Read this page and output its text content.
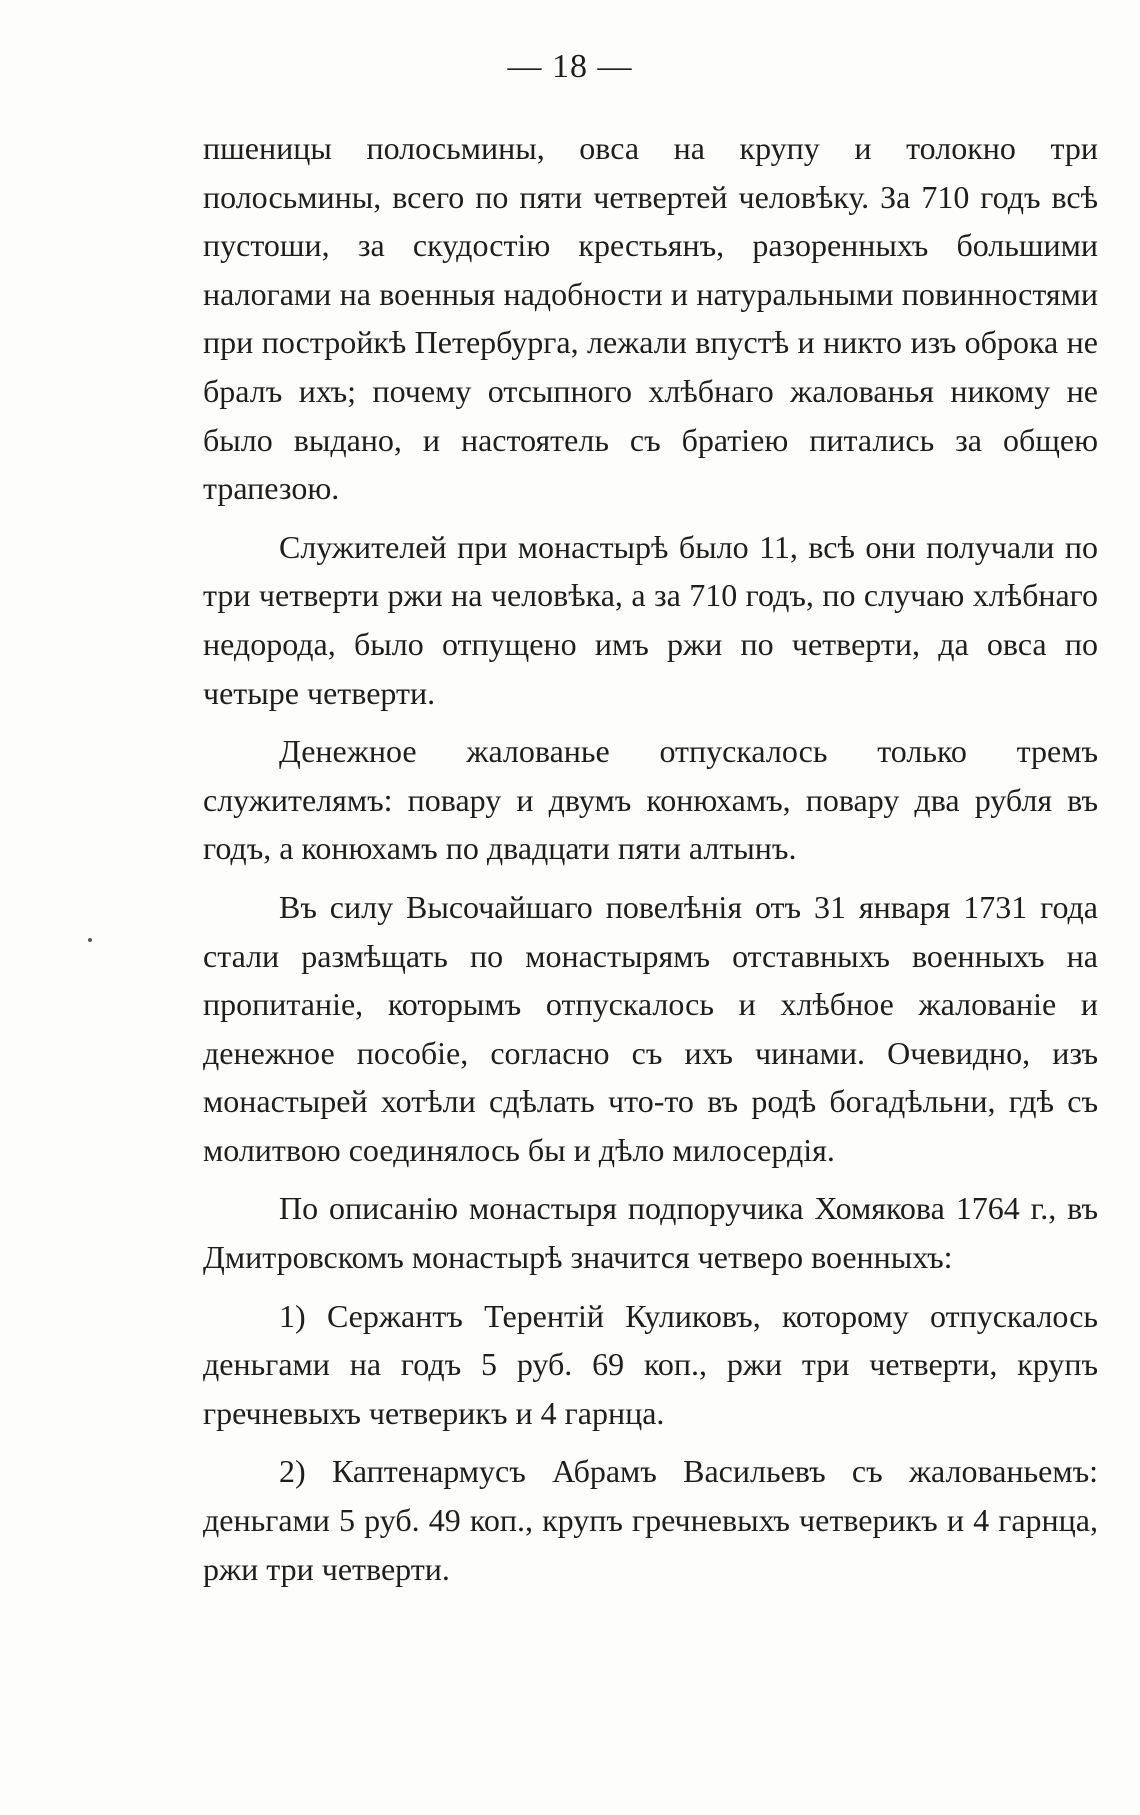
— 18 —

пшеницы полосьмины, овса на крупу и толокно три полосьмины, всего по пяти четвертей человѣку. За 710 годъ всѣ пустоши, за скудостію крестьянъ, разоренныхъ большими налогами на военныя надобности и натуральными повинностями при постройкѣ Петербурга, лежали впустѣ и никто изъ оброка не бралъ ихъ; почему отсыпного хлѣбнаго жалованья никому не было выдано, и настоятель съ братіею питались за общею трапезою.

Служителей при монастырѣ было 11, всѣ они получали по три четверти ржи на человѣка, а за 710 годъ, по случаю хлѣбнаго недорода, было отпущено имъ ржи по четверти, да овса по четыре четверти.

Денежное жалованье отпускалось только тремъ служителямъ: повару и двумъ конюхамъ, повару два рубля въ годъ, а конюхамъ по двадцати пяти алтынъ.

Въ силу Высочайшаго повелѣнія отъ 31 января 1731 года стали размѣщать по монастырямъ отставныхъ военныхъ на пропитаніе, которымъ отпускалось и хлѣбное жалованіе и денежное пособіе, согласно съ ихъ чинами. Очевидно, изъ монастырей хотѣли сдѣлать что-то въ родѣ богадѣльни, гдѣ съ молитвою соединялось бы и дѣло милосердія.

По описанію монастыря подпоручика Хомякова 1764 г., въ Дмитровскомъ монастырѣ значится четверо военныхъ:

1) Сержантъ Терентій Куликовъ, которому отпускалось деньгами на годъ 5 руб. 69 коп., ржи три четверти, крупъ гречневыхъ четверикъ и 4 гарнца.

2) Каптенармусъ Абрамъ Васильевъ съ жалованьемъ: деньгами 5 руб. 49 коп., крупъ гречневыхъ четверикъ и 4 гарнца, ржи три четверти.
